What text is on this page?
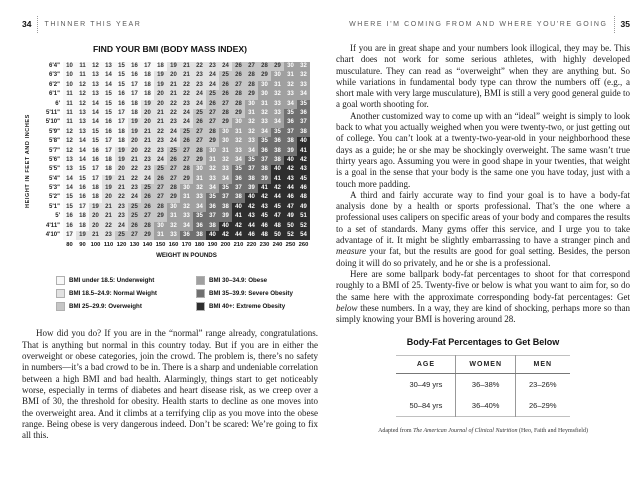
34 THINNER THIS YEAR
FIND YOUR BMI (BODY MASS INDEX)
HEIGHT IN FEET AND INCHES
6'4"	10	11	12	13	15	16	17	18	19	21	22	23	24	26	27	28	29	30	32
6'3"	10	11	13	14	15	16	18	19	20	21	23	24	25	26	28	29	30	31	32
6'2"	10	12	13	14	15	17	18	19	21	22	23	24	26	27	28	30	31	32	33
6'1"	11	12	13	15	16	17	18	20	21	22	24	25	26	28	29	30	32	33	34
6'	11	12	14	15	16	18	19	20	22	23	24	26	27	28	30	31	33	34	35
5'11"	11	13	14	15	17	18	20	21	22	24	25	27	28	29	31	32	33	35	36
5'10"	11	13	14	16	17	19	20	21	23	24	26	27	29	30	32	33	34	36	37
5'9"	12	13	15	16	18	19	21	22	24	25	27	28	30	31	32	34	35	37	38
5'8"	12	14	15	17	18	20	21	23	24	26	27	29	30	32	33	35	36	38	40
5'7"	12	14	16	17	19	20	22	23	25	27	28	30	31	33	34	36	38	39	41
5'6"	13	14	16	18	19	21	23	24	26	27	29	31	32	34	35	37	38	40	42
5'5"	13	15	17	18	20	22	23	25	27	28	30	32	33	35	37	38	40	42	43
5'4"	14	15	17	19	21	22	24	26	27	29	31	33	34	36	38	39	41	43	45
5'3"	14	16	18	19	21	23	25	27	28	30	32	34	35	37	39	41	42	44	46
5'2"	15	16	18	20	22	24	26	27	29	31	33	35	37	38	40	42	44	46	48
5'1"	15	17	19	21	23	25	26	28	30	32	34	36	38	40	42	43	45	47	49
5'	16	18	20	21	23	25	27	29	31	33	35	37	39	41	43	45	47	49	51
4'11"	16	18	20	22	24	26	28	30	32	34	36	38	40	42	44	46	48	50	52
4'10"	17	19	21	23	25	27	29	31	33	36	38	40	42	44	46	48	50	52	54
80	90 100 110 120 130 140 150 160 170 180 190 200 210 220 230 240 250 260
WEIGHT IN POUNDS
BMI under 18.5: Underweight
BMI 18.5–24.9: Normal Weight
BMI 25–29.9: Overweight
BMI 30–34.9: Obese
BMI 35–39.9: Severe Obesity
BMI 40+: Extreme Obesity

How did you do? If you are in the “normal” range already, congratulations. That is anything but normal in this country today. But if you are in either the overweight or obese categories, join the crowd. The problem is, there’s no safety in numbers—it’s a bad crowd to be in. There is a sharp and undeniable correlation between a high BMI and bad health. Alarmingly, things start to get noticeably worse, especially in terms of diabetes and heart disease risk, as we creep over a BMI of 30, the threshold for obesity. Health starts to decline as one moves into the overweight area. And it climbs at a terrifying clip as you move into the obese range. Being obese is very dangerous indeed. Don’t be scared: We’re going to fix all this.

WHERE I'M COMING FROM AND WHERE YOU'RE GOING 35

If you are in great shape and your numbers look illogical, they may be. This chart does not work for some serious athletes, with highly developed musculature. They can read as “overweight” when they are anything but. So while variations in fundamental body type can throw the numbers off (e.g., a short male with very large musculature), BMI is still a very good general guide to a goal worth shooting for.

Another customized way to come up with an “ideal” weight is simply to look back to what you actually weighed when you were twenty-two, or just getting out of college. You can’t look at a twenty-two-year-old in your neighborhood these days as a guide; he or she may be shockingly overweight. The same wasn’t true thirty years ago. Assuming you were in good shape in your twenties, that weight is a goal in the sense that your body is the same one you have today, just with a touch more padding.

A third and fairly accurate way to find your goal is to have a body-fat analysis done by a health or sports professional. That’s the one where a professional uses calipers on specific areas of your body and compares the results to a set of standards. Many gyms offer this service, and I urge you to take advantage of it. It might be slightly embarrassing to have a stranger pinch and measure your fat, but the results are good for goal setting. Besides, the person doing it will do so privately, and he or she is a professional.

Here are some ballpark body-fat percentages to shoot for that correspond roughly to a BMI of 25. Twenty-five or below is what you want to aim for, so do the same here with the approximate corresponding body-fat percentages: Get below these numbers. In a way, they are kind of shocking, perhaps more so than simply knowing your BMI is hovering around 28.

Body-Fat Percentages to Get Below
AGE	WOMEN	MEN
30–49 yrs	36–38%	23–26%
50–84 yrs	36–40%	26–29%
Adapted from The American Journal of Clinical Nutrition (Heo, Faith and Heymsfield)
